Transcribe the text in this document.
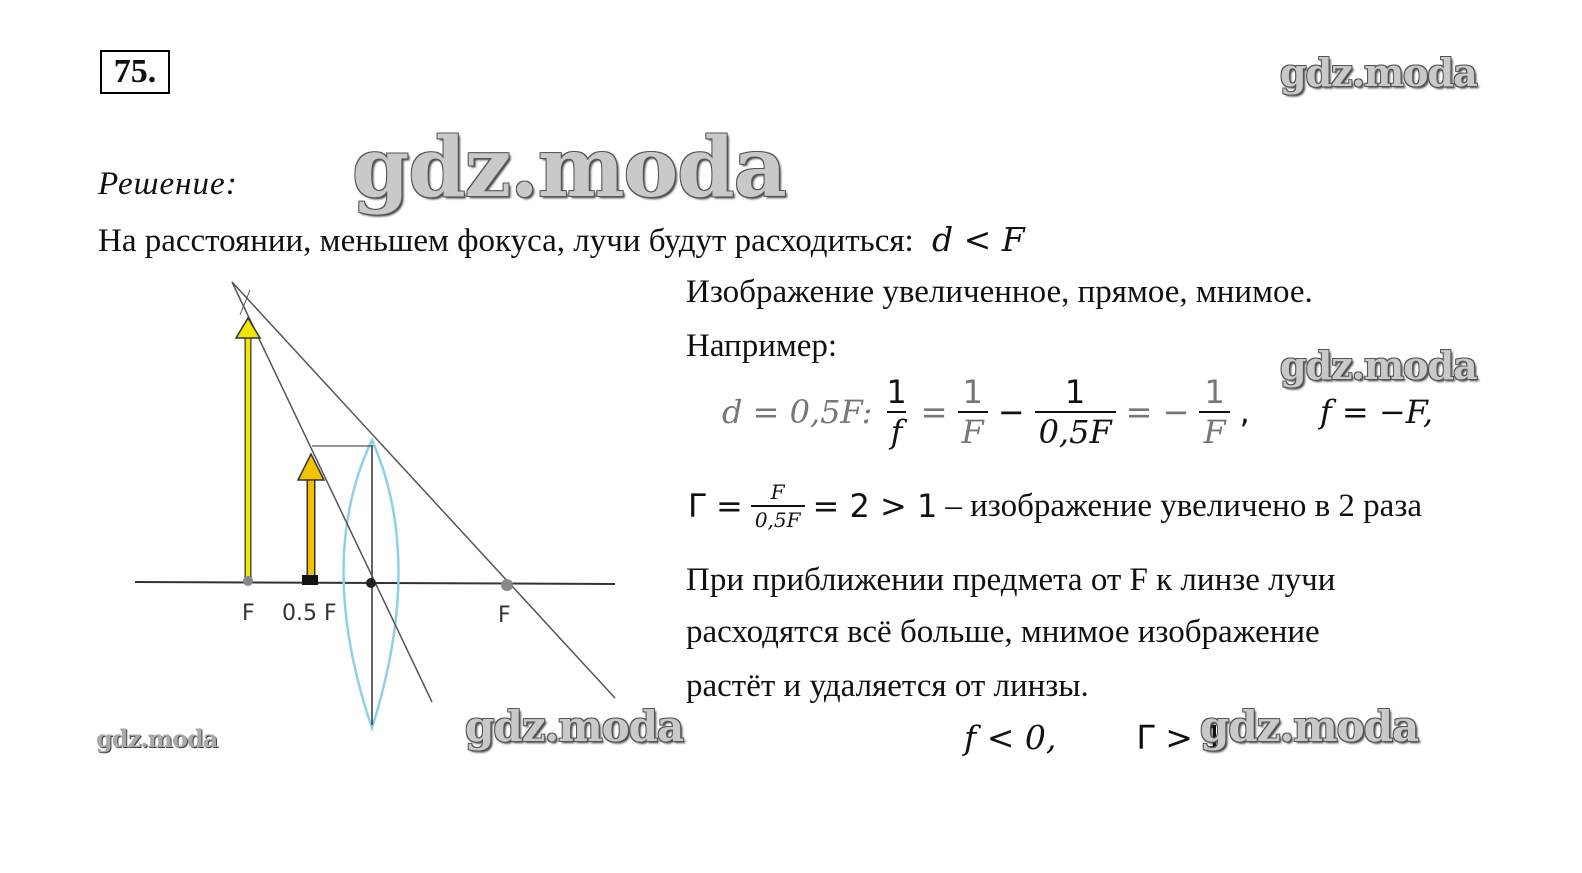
75.	gdz.moda
gdz.moda
gdz.moda
Решение:
На расстоянии, меньшем фокуса, лучи будут расходиться: d < F
F 0.5 F	F
Изображение увеличенное, прямое, мнимое.
Например:
d = 0,5F: $\frac{1}{f} = \frac{1}{F} - \frac{1}{0,5F}$ = − $\frac{1}{F}$ , f = −F,
$\Gamma = \frac{F}{0,5F} = 2 > 1$ – изображение увеличено в 2 раза
При приближении предмета от F к линзе лучи
расходятся всё больше, мнимое изображение
растёт и удаляется от линзы.
f < 0, Γ > 1
gdz.moda	gdz.moda	gdz.moda
